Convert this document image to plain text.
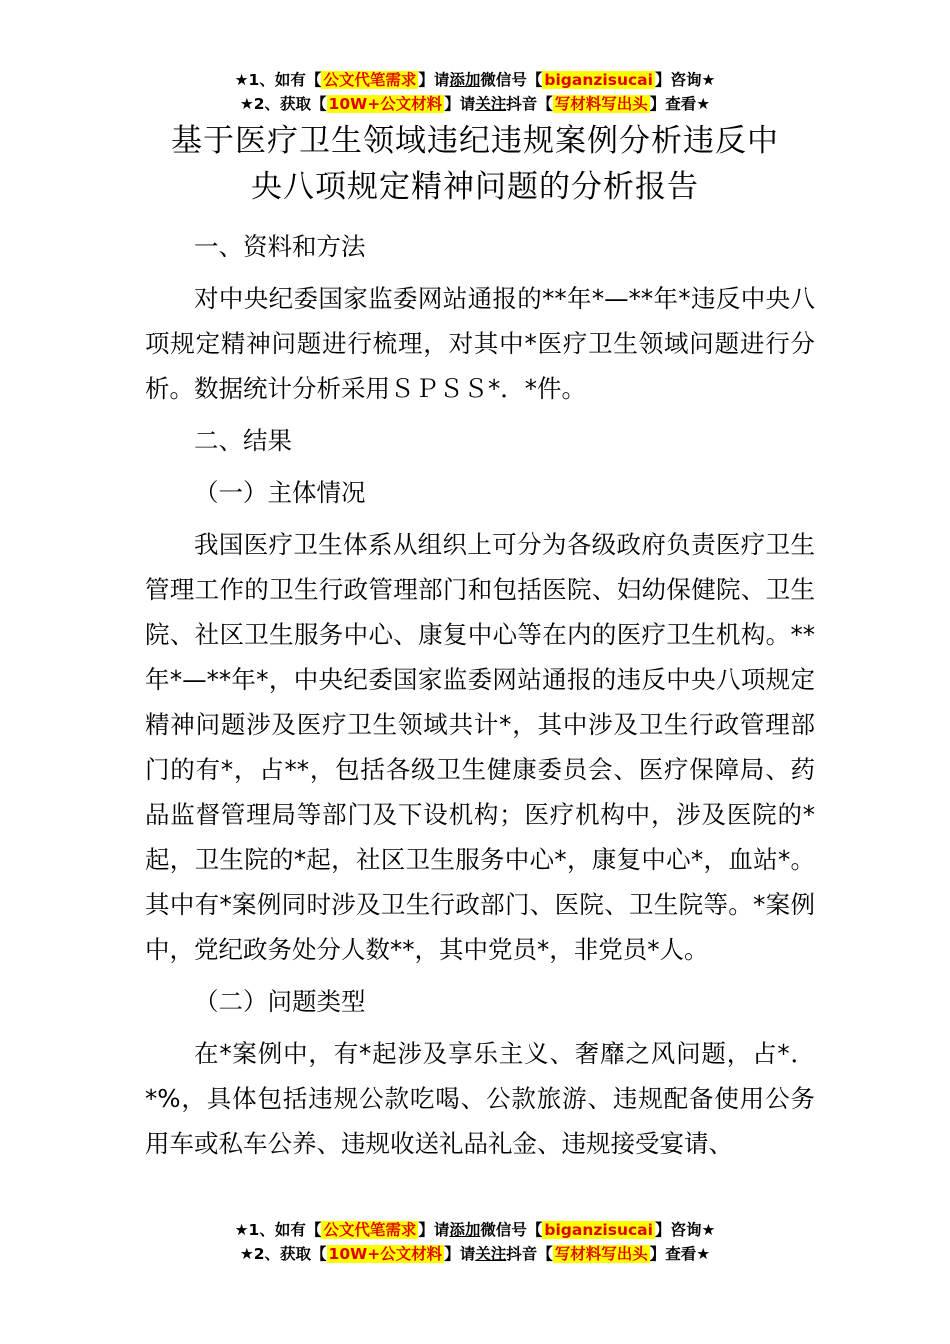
★1、如有【 公文代笔需求 】请添加微信号【 biganzisucai 】咨询★
★2、获取【 10W+公文材料 】请关注抖音【 写材料写出头 】查看★
基于医疗卫生领域违纪违规案例分析违反中
央八项规定精神问题的分析报告

一、资料和方法

对中央纪委国家监委网站通报的**年*—**年*违反中央八项规定精神问题进行梳理，对其中*医疗卫生领域问题进行分析。数据统计分析采用ＳＰＳＳ*．*件。

二、结果

（一）主体情况

我国医疗卫生体系从组织上可分为各级政府负责医疗卫生管理工作的卫生行政管理部门和包括医院、妇幼保健院、卫生院、社区卫生服务中心、康复中心等在内的医疗卫生机构。**年*—**年*，中央纪委国家监委网站通报的违反中央八项规定精神问题涉及医疗卫生领域共计*，其中涉及卫生行政管理部门的有*，占**，包括各级卫生健康委员会、医疗保障局、药品监督管理局等部门及下设机构；医疗机构中，涉及医院的*起，卫生院的*起，社区卫生服务中心*，康复中心*，血站*。其中有*案例同时涉及卫生行政部门、医院、卫生院等。*案例中，党纪政务处分人数**，其中党员*，非党员*人。

（二）问题类型

在*案例中，有*起涉及享乐主义、奢靡之风问题，占*．*%，具体包括违规公款吃喝、公款旅游、违规配备使用公务用车或私车公养、违规收送礼品礼金、违规接受宴请、

★1、如有【 公文代笔需求 】请添加微信号【 biganzisucai 】咨询★
★2、获取【 10W+公文材料 】请关注抖音【 写材料写出头 】查看★
